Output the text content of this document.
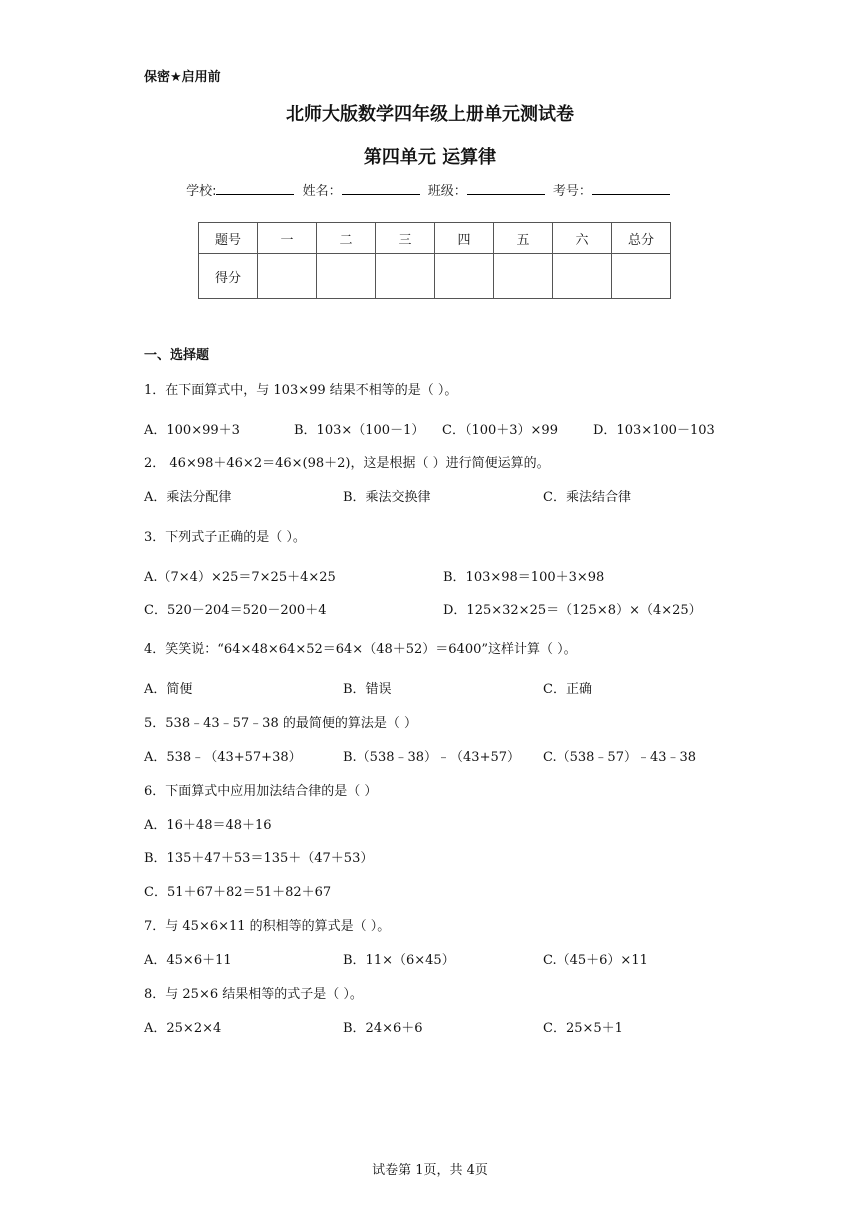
保密★启用前
北师大版数学四年级上册单元测试卷
第四单元 运算律
学校:	姓名：	班级：	考号：
题号	一	二	三	四	五	六	总分
得分							
一、选择题
1．在下面算式中，与 103×99 结果不相等的是（ ）。
A．100×99＋3	B．103×（100－1） C．（100＋3）×99	D．103×100－103
2． 46×98＋46×2＝46×(98＋2)，这是根据（ ）进行简便运算的。
A．乘法分配律	B．乘法交换律	C．乘法结合律
3．下列式子正确的是（ ）。
A.（7×4）×25＝7×25＋4×25	B．103×98＝100＋3×98
C．520－204＝520－200＋4	D．125×32×25＝（125×8）×（4×25）
4．笑笑说：“64×48×64×52＝64×（48＋52）＝6400”这样计算（ ）。
A．简便	B．错误	C．正确
5．538﹣43﹣57﹣38 的最简便的算法是（ ）
A．538﹣（43+57+38）	B.（538﹣38）﹣（43+57） C.（538﹣57）﹣43﹣38
6．下面算式中应用加法结合律的是（ ）
A．16＋48＝48＋16
B．135＋47＋53＝135＋（47＋53）
C．51＋67＋82＝51＋82＋67
7．与 45×6×11 的积相等的算式是（ ）。
A．45×6＋11	B．11×（6×45）	C.（45＋6）×11
8．与 25×6 结果相等的式子是（ ）。
A．25×2×4	B．24×6＋6	C．25×5＋1
试卷第 1页，共 4页
